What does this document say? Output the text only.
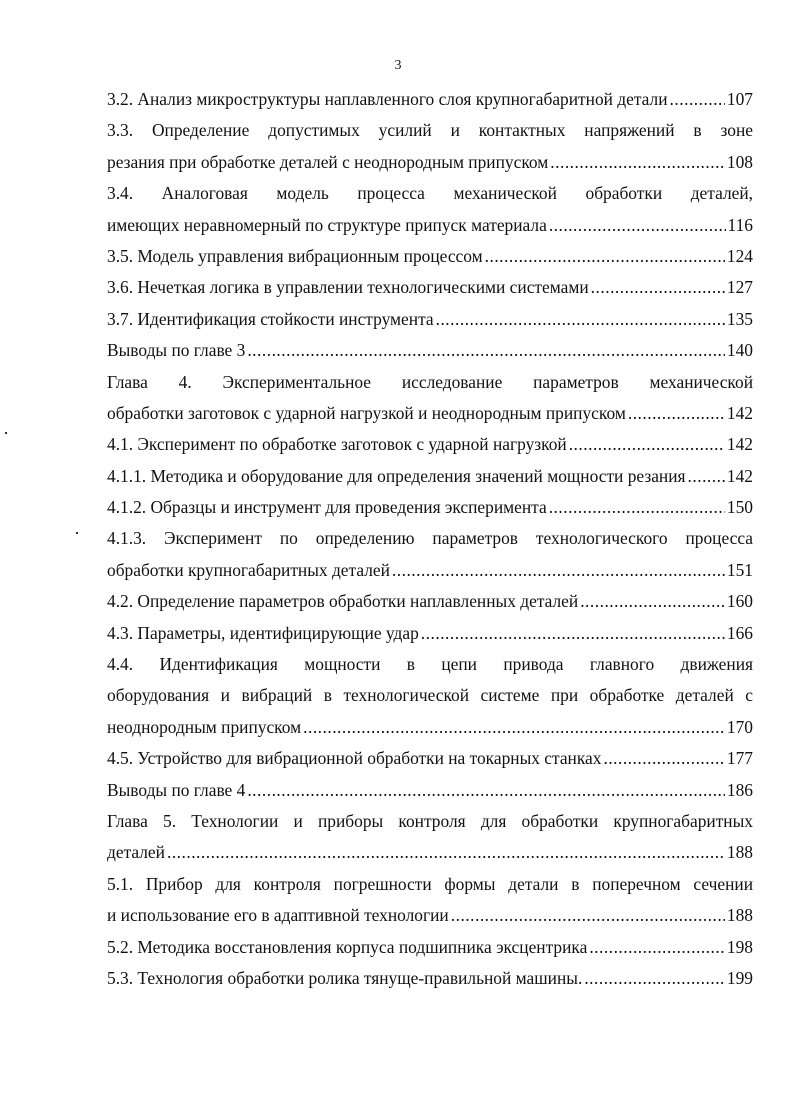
3
3.2. Анализ микроструктуры наплавленного слоя крупногабаритной детали .....	107
3.3. Определение допустимых усилий и контактных напряжений в зоне
резания при обработке деталей с неоднородным припуском .....	108
3.4. Аналоговая модель процесса механической обработки деталей,
имеющих неравномерный по структуре припуск материала .....	116
3.5. Модель управления вибрационным процессом .....	124
3.6. Нечеткая логика в управлении технологическими системами .....	127
3.7. Идентификация стойкости инструмента .....	135
Выводы по главе 3 .....	140
Глава 4. Экспериментальное исследование параметров механической
обработки заготовок с ударной нагрузкой и неоднородным припуском .....	142
4.1. Эксперимент по обработке заготовок с ударной нагрузкой .....	142
4.1.1. Методика и оборудование для определения значений мощности резания ..... 142
4.1.2. Образцы и инструмент для проведения эксперимента .....	150
4.1.3. Эксперимент по определению параметров технологического процесса
обработки крупногабаритных деталей .....	151
4.2. Определение параметров обработки наплавленных деталей .....	160
4.3. Параметры, идентифицирующие удар .....	166
4.4. Идентификация мощности в цепи привода главного движения
оборудования и вибраций в технологической системе при обработке деталей с
неоднородным припуском .....	170
4.5. Устройство для вибрационной обработки на токарных станках .....	177
Выводы по главе 4 .....	186
Глава 5. Технологии и приборы контроля для обработки крупногабаритных
деталей .....	188
5.1. Прибор для контроля погрешности формы детали в поперечном сечении
и использование его в адаптивной технологии .....	188
5.2. Методика восстановления корпуса подшипника эксцентрика .....	198
5.3. Технология обработки ролика тянуще-правильной машины. .....	199
